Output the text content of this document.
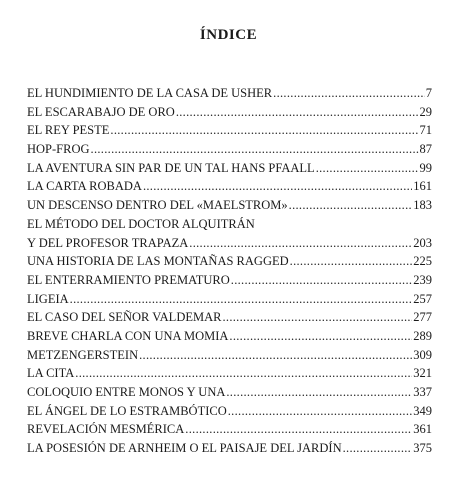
ÍNDICE
EL HUNDIMIENTO DE LA CASA DE USHER .....	7
EL ESCARABAJO DE ORO .....	29
EL REY PESTE .....	71
HOP-FROG .....	87
LA AVENTURA SIN PAR DE UN TAL HANS PFAALL .....	99
LA CARTA ROBADA .....	161
UN DESCENSO DENTRO DEL «MAELSTROM» .....	183
EL MÉTODO DEL DOCTOR ALQUITRÁN
Y DEL PROFESOR TRAPAZA .....	203
UNA HISTORIA DE LAS MONTAÑAS RAGGED .....	225
EL ENTERRAMIENTO PREMATURO .....	239
LIGEIA .....	257
EL CASO DEL SEÑOR VALDEMAR .....	277
BREVE CHARLA CON UNA MOMIA .....	289
METZENGERSTEIN .....	309
LA CITA .....	321
COLOQUIO ENTRE MONOS Y UNA .....	337
EL ÁNGEL DE LO ESTRAMBÓTICO .....	349
REVELACIÓN MESMÉRICA .....	361
LA POSESIÓN DE ARNHEIM O EL PAISAJE DEL JARDÍN .....	375
